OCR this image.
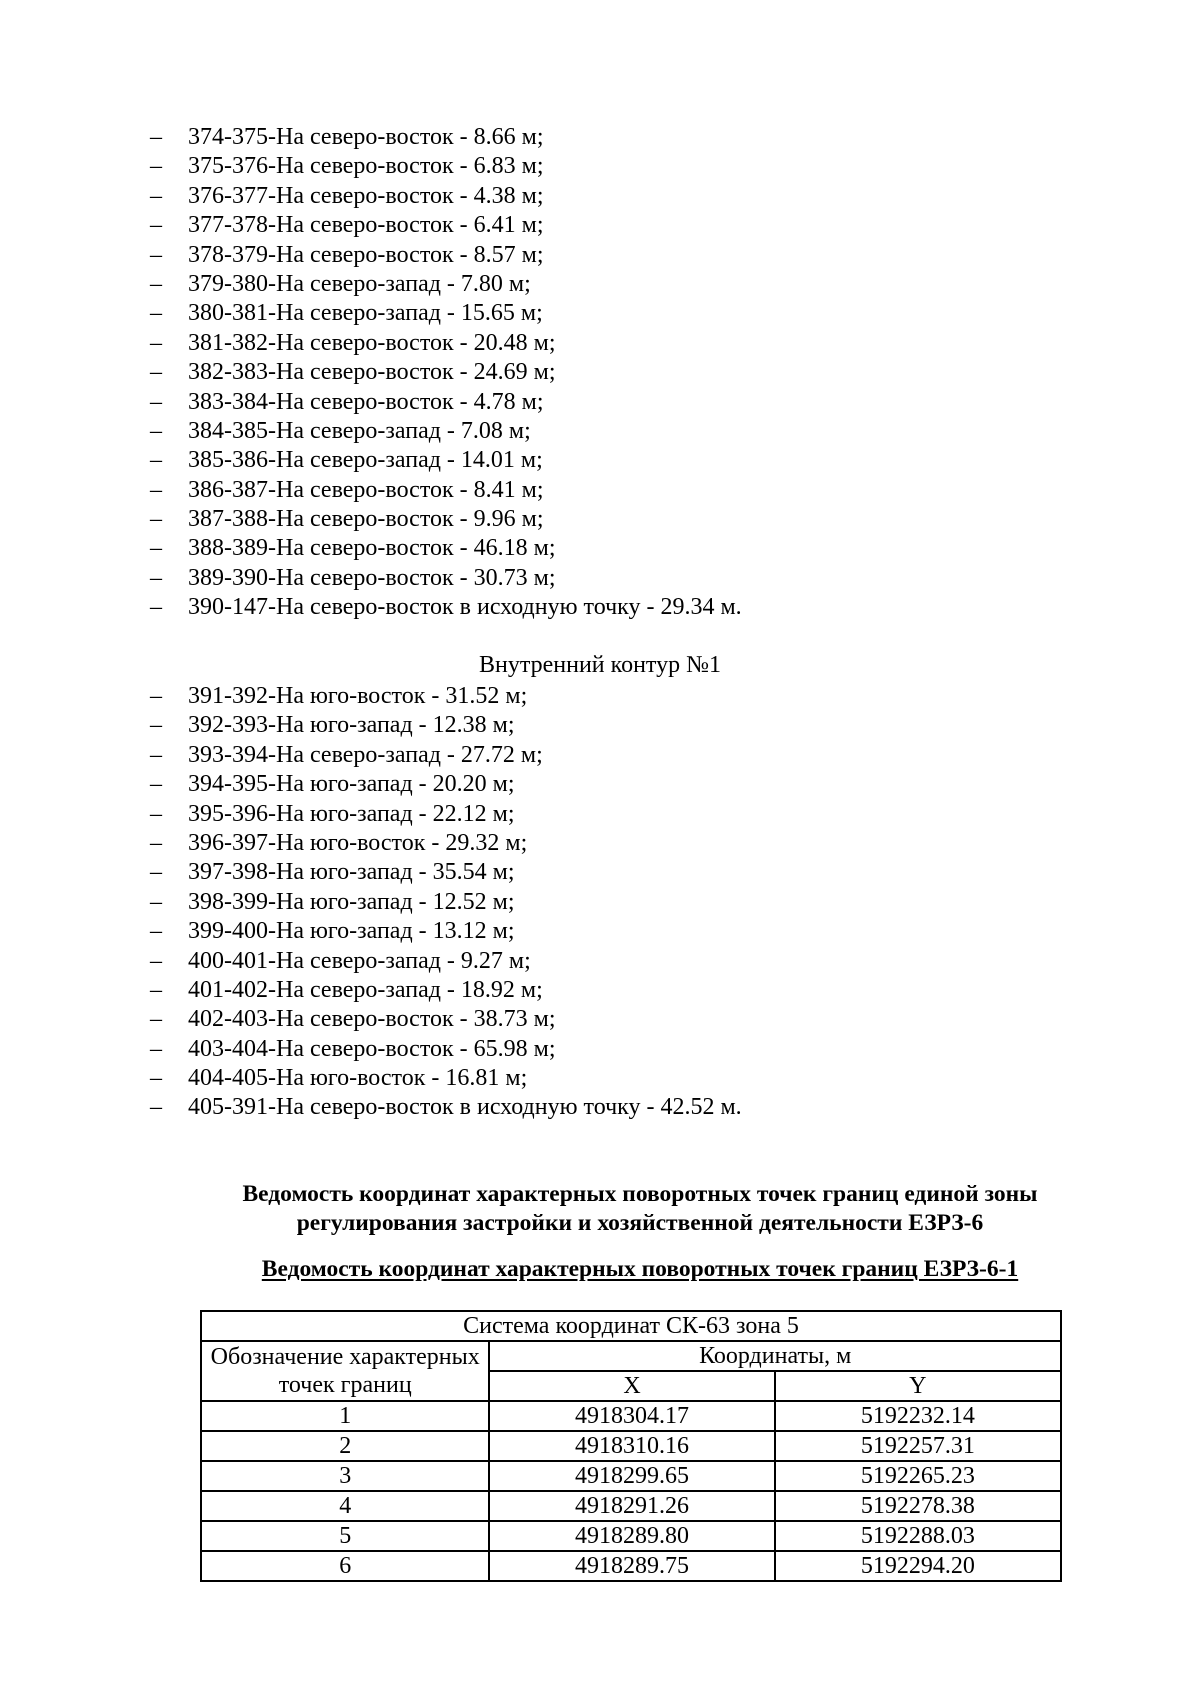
– 374-375-На северо-восток - 8.66 м;
– 375-376-На северо-восток - 6.83 м;
– 376-377-На северо-восток - 4.38 м;
– 377-378-На северо-восток - 6.41 м;
– 378-379-На северо-восток - 8.57 м;
– 379-380-На северо-запад - 7.80 м;
– 380-381-На северо-запад - 15.65 м;
– 381-382-На северо-восток - 20.48 м;
– 382-383-На северо-восток - 24.69 м;
– 383-384-На северо-восток - 4.78 м;
– 384-385-На северо-запад - 7.08 м;
– 385-386-На северо-запад - 14.01 м;
– 386-387-На северо-восток - 8.41 м;
– 387-388-На северо-восток - 9.96 м;
– 388-389-На северо-восток - 46.18 м;
– 389-390-На северо-восток - 30.73 м;
– 390-147-На северо-восток в исходную точку - 29.34 м.
Внутренний контур №1
– 391-392-На юго-восток - 31.52 м;
– 392-393-На юго-запад - 12.38 м;
– 393-394-На северо-запад - 27.72 м;
– 394-395-На юго-запад - 20.20 м;
– 395-396-На юго-запад - 22.12 м;
– 396-397-На юго-восток - 29.32 м;
– 397-398-На юго-запад - 35.54 м;
– 398-399-На юго-запад - 12.52 м;
– 399-400-На юго-запад - 13.12 м;
– 400-401-На северо-запад - 9.27 м;
– 401-402-На северо-запад - 18.92 м;
– 402-403-На северо-восток - 38.73 м;
– 403-404-На северо-восток - 65.98 м;
– 404-405-На юго-восток - 16.81 м;
– 405-391-На северо-восток в исходную точку - 42.52 м.
Ведомость координат характерных поворотных точек границ единой зоны
регулирования застройки и хозяйственной деятельности ЕЗРЗ-6
Ведомость координат характерных поворотных точек границ ЕЗРЗ-6-1
Система координат СК-63 зона 5		

Обозначение характерных
точек границ	Координаты, м	
	X	Y
1	4918304.17	5192232.14
2	4918310.16	5192257.31
3	4918299.65	5192265.23
4	4918291.26	5192278.38
5	4918289.80	5192288.03
6	4918289.75	5192294.20
